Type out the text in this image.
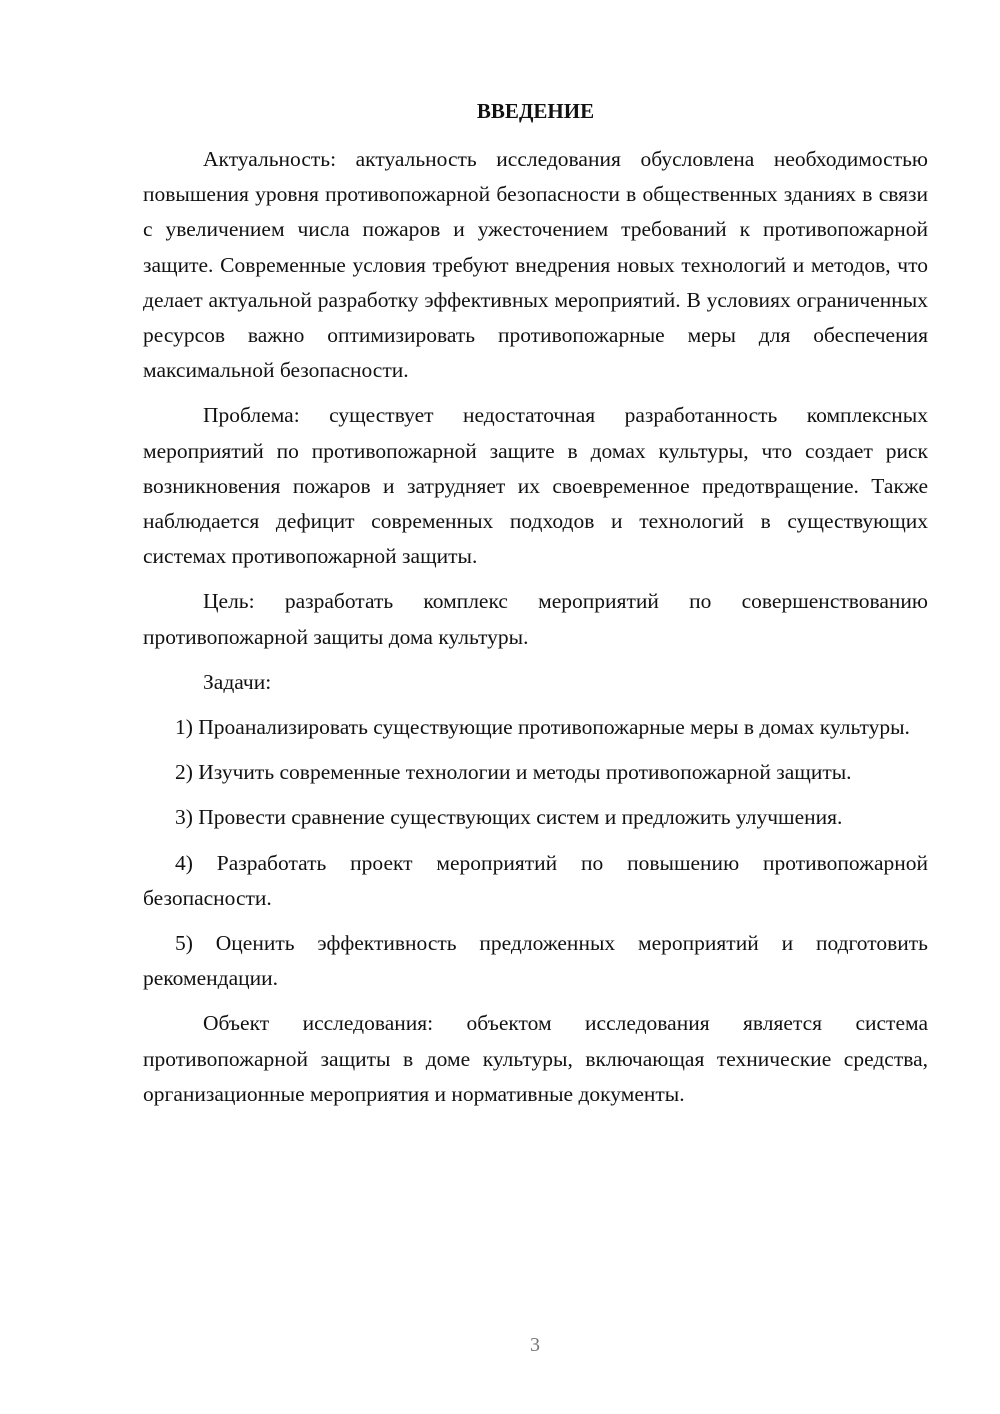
ВВЕДЕНИЕ

Актуальность: актуальность исследования обусловлена необходимостью повышения уровня противопожарной безопасности в общественных зданиях в связи с увеличением числа пожаров и ужесточением требований к противопожарной защите. Современные условия требуют внедрения новых технологий и методов, что делает актуальной разработку эффективных мероприятий. В условиях ограниченных ресурсов важно оптимизировать противопожарные меры для обеспечения максимальной безопасности.

Проблема: существует недостаточная разработанность комплексных мероприятий по противопожарной защите в домах культуры, что создает риск возникновения пожаров и затрудняет их своевременное предотвращение. Также наблюдается дефицит современных подходов и технологий в существующих системах противопожарной защиты.

Цель: разработать комплекс мероприятий по совершенствованию противопожарной защиты дома культуры.

Задачи:

1) Проанализировать существующие противопожарные меры в домах культуры.

2) Изучить современные технологии и методы противопожарной защиты.

3) Провести сравнение существующих систем и предложить улучшения.

4) Разработать проект мероприятий по повышению противопожарной безопасности.

5) Оценить эффективность предложенных мероприятий и подготовить рекомендации.

Объект исследования: объектом исследования является система противопожарной защиты в доме культуры, включающая технические средства, организационные мероприятия и нормативные документы.

3
